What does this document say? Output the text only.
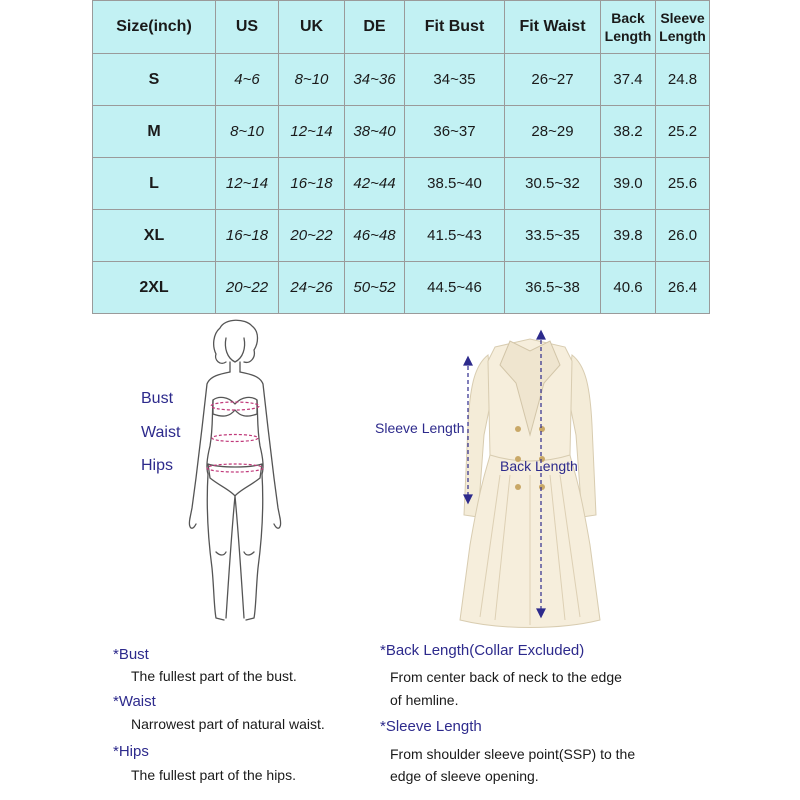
Size(inch)	US	UK	DE	Fit Bust	Fit Waist	Back Length	Sleeve Length
S	4~6	8~10	34~36	34~35	26~27	37.4	24.8
M	8~10	12~14	38~40	36~37	28~29	38.2	25.2
L	12~14	16~18	42~44	38.5~40	30.5~32	39.0	25.6
XL	16~18	20~22	46~48	41.5~43	33.5~35	39.8	26.0
2XL	20~22	24~26	50~52	44.5~46	36.5~38	40.6	26.4
Bust
Waist
Hips
Sleeve Length
Back Length
*Bust
The fullest part of the bust.
*Waist
Narrowest part of natural waist.
*Hips
The fullest part of the hips.
*Back Length(Collar Excluded)
From center back of neck to the edge
of hemline.
*Sleeve Length
From shoulder sleeve point(SSP) to the
edge of sleeve opening.
